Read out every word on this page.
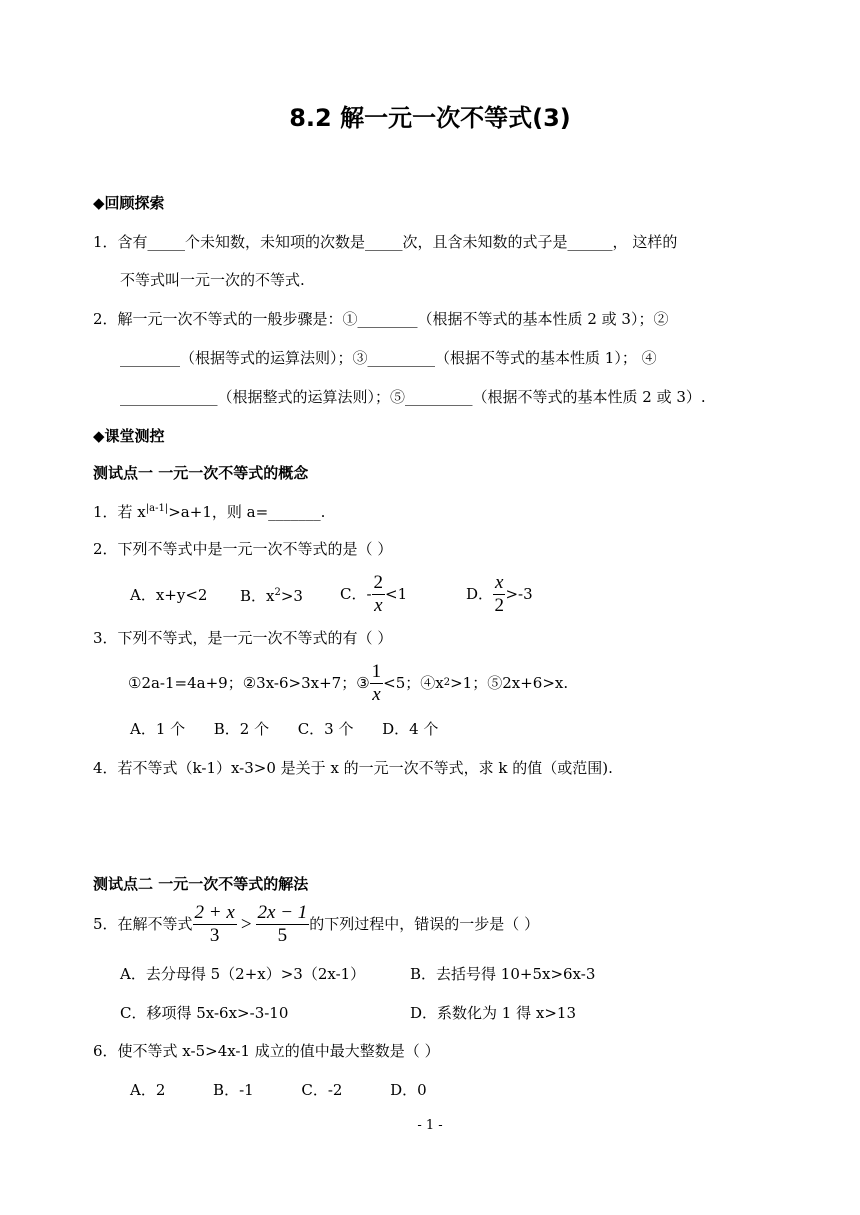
8.2 解一元一次不等式(3)
◆回顾探索
1．含有_____个未知数，未知项的次数是_____次，且含未知数的式子是______， 这样的
不等式叫一元一次的不等式.
2．解一元一次不等式的一般步骤是：①________（根据不等式的基本性质 2 或 3）；②
________（根据等式的运算法则）；③_________（根据不等式的基本性质 1）； ④
_____________（根据整式的运算法则）；⑤_________（根据不等式的基本性质 2 或 3）.
◆课堂测控
测试点一 一元一次不等式的概念
1．若 $x^{|a-1|}>a+1$，则 a=_______.
2．下列不等式中是一元一次不等式的是（ ）
A．x+y<2 B．$x^2>3$ C．- $\frac{2}{x} <1$	D． $\frac{x}{2} >-3$
3．下列不等式，是一元一次不等式的有（ ）
①2a-1=4a+9；②3x-6>3x+7；③ $\frac{1}{x} <5$；④x 2 >1；⑤2x+6>x.
A．1 个      B．2 个      C．3 个      D．4 个
4．若不等式（k-1）x-3>0 是关于 x 的一元一次不等式，求 k 的值（或范围).
测试点二 一元一次不等式的解法
5．在解不等式 $\frac{2 + x}{3} > \frac{2x - 1}{5}$ 的下列过程中，错误的一步是（ ）
A．去分母得 5（2+x）>3（2x-1）	B．去括号得 10+5x>6x-3
C．移项得 5x-6x>-3-10	D．系数化为 1 得 x>13
6．使不等式 x-5>4x-1 成立的值中最大整数是（ ）
A．2          B．-1          C．-2          D．0
- 1 -
